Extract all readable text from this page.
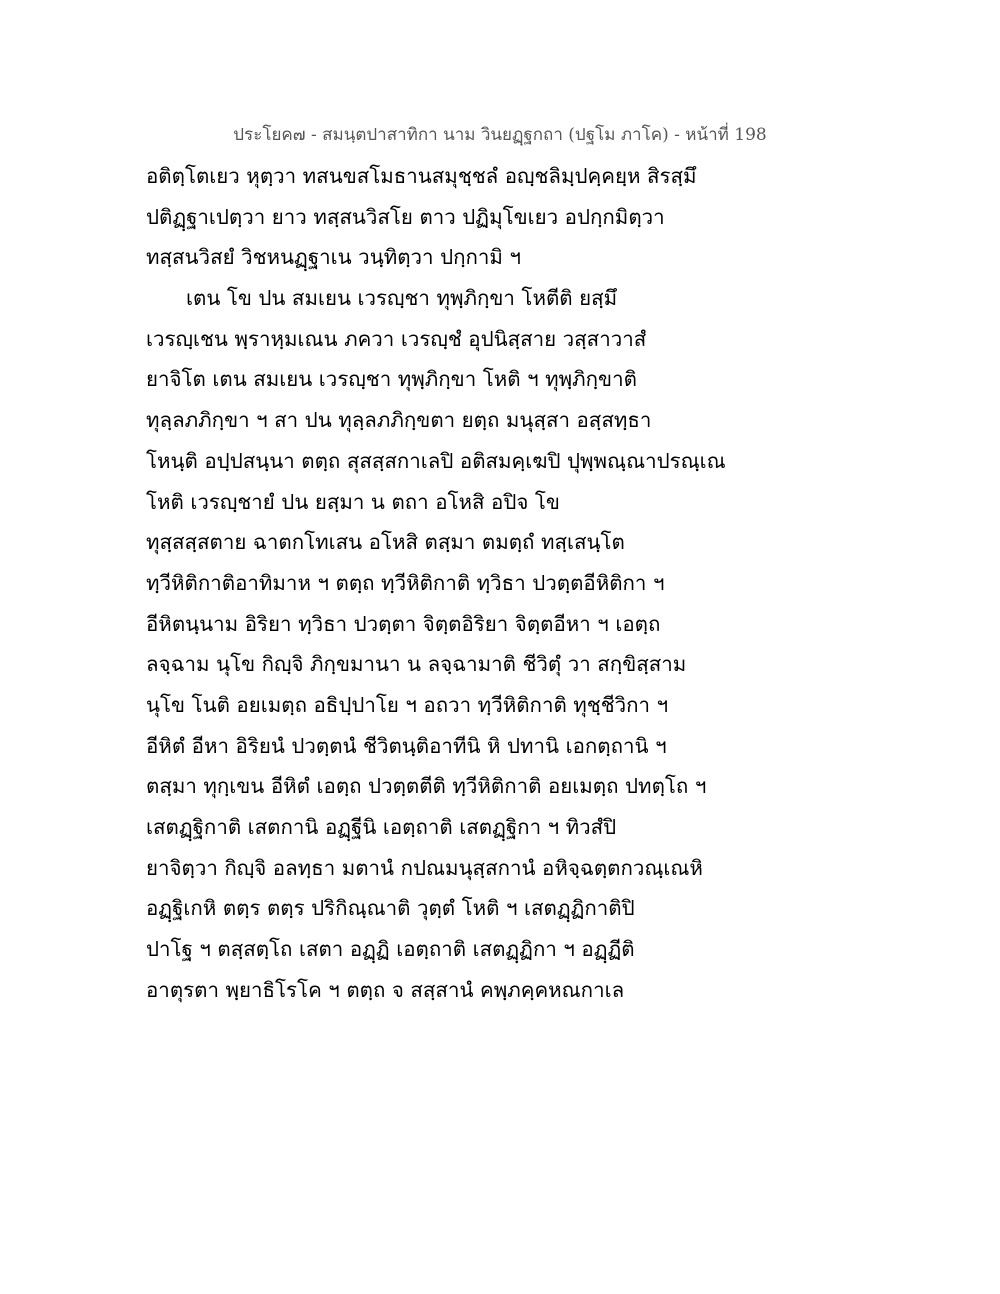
ประโยค๗ - สมนฺตปาสาทิกา นาม วินยฏฺฐกถา (ปฐโม ภาโค) - หน้าที่ 198
อติตฺโตเยว หุตฺวา ทสนขสโมธานสมุชฺชลํ อญฺชลิมฺปคฺคยฺห สิรสฺมึ
ปติฏฺฐาเปตฺวา ยาว ทสฺสนวิสโย ตาว ปฏิมุโขเยว อปกฺกมิตฺวา
ทสฺสนวิสยํ วิชหนฏฺฐาเน วนฺทิตฺวา ปกฺกามิ ฯ
เตน โข ปน สมเยน เวรญฺชา ทุพฺภิกฺขา โหตีติ ยสฺมึ
เวรญฺเชน พฺราหฺมเณน ภควา เวรญฺชํ อุปนิสฺสาย วสฺสาวาสํ
ยาจิโต เตน สมเยน เวรญฺชา ทุพฺภิกฺขา โหติ ฯ ทุพฺภิกฺขาติ
ทุลฺลภภิกฺขา ฯ สา ปน ทุลฺลภภิกฺขตา ยตฺถ มนุสฺสา อสฺสทฺธา
โหนฺติ อปฺปสนฺนา ตตฺถ สุสสฺสกาเลปิ อติสมคฺเฆปิ ปุพฺพณฺณาปรณฺเณ
โหติ เวรญฺชายํ ปน ยสฺมา น ตถา อโหสิ อปิจ โข
ทุสฺสสฺสตาย ฉาตกโทเสน อโหสิ ตสฺมา ตมตฺถํ ทสฺเสนฺโต
ทฺวีหิติกาติอาทิมาห ฯ ตตฺถ ทฺวีหิติกาติ ทฺวิธา ปวตฺตอีหิติกา ฯ
อีหิตนฺนาม อิริยา ทฺวิธา ปวตฺตา จิตฺตอิริยา จิตฺตอีหา ฯ เอตฺถ
ลจฺฉาม นุโข กิญฺจิ ภิกฺขมานา น ลจฺฉามาติ ชีวิตุํ วา สกฺขิสฺสาม
นุโข โนติ อยเมตฺถ อธิปฺปาโย ฯ อถวา ทฺวีหิติกาติ ทุชฺชีวิกา ฯ
อีหิตํ อีหา อิริยนํ ปวตฺตนํ ชีวิตนฺติอาทีนิ หิ ปทานิ เอกตฺถานิ ฯ
ตสฺมา ทุกฺเขน อีหิตํ เอตฺถ ปวตฺตตีติ ทฺวีหิติกาติ อยเมตฺถ ปทตฺโถ ฯ
เสตฏฺฐิกาติ เสตกานิ อฏฺฐีนิ เอตฺถาติ เสตฏฺฐิกา ฯ ทิวสํปิ
ยาจิตฺวา กิญฺจิ อลทฺธา มตานํ กปณมนุสฺสกานํ อหิจฺฉตฺตกวณฺเณหิ
อฏฺฐิเกหิ ตตฺร ตตฺร ปริกิณฺณาติ วุตฺตํ โหติ ฯ เสตฏฺฏิกาติปิ
ปาโฐ ฯ ตสฺสตฺโถ เสตา อฏฺฏิ เอตฺถาติ เสตฏฺฏิกา ฯ อฏฺฏีติ
อาตุรตา พฺยาธิโรโค ฯ ตตฺถ จ สสฺสานํ คพฺภคฺคหณกาเล
